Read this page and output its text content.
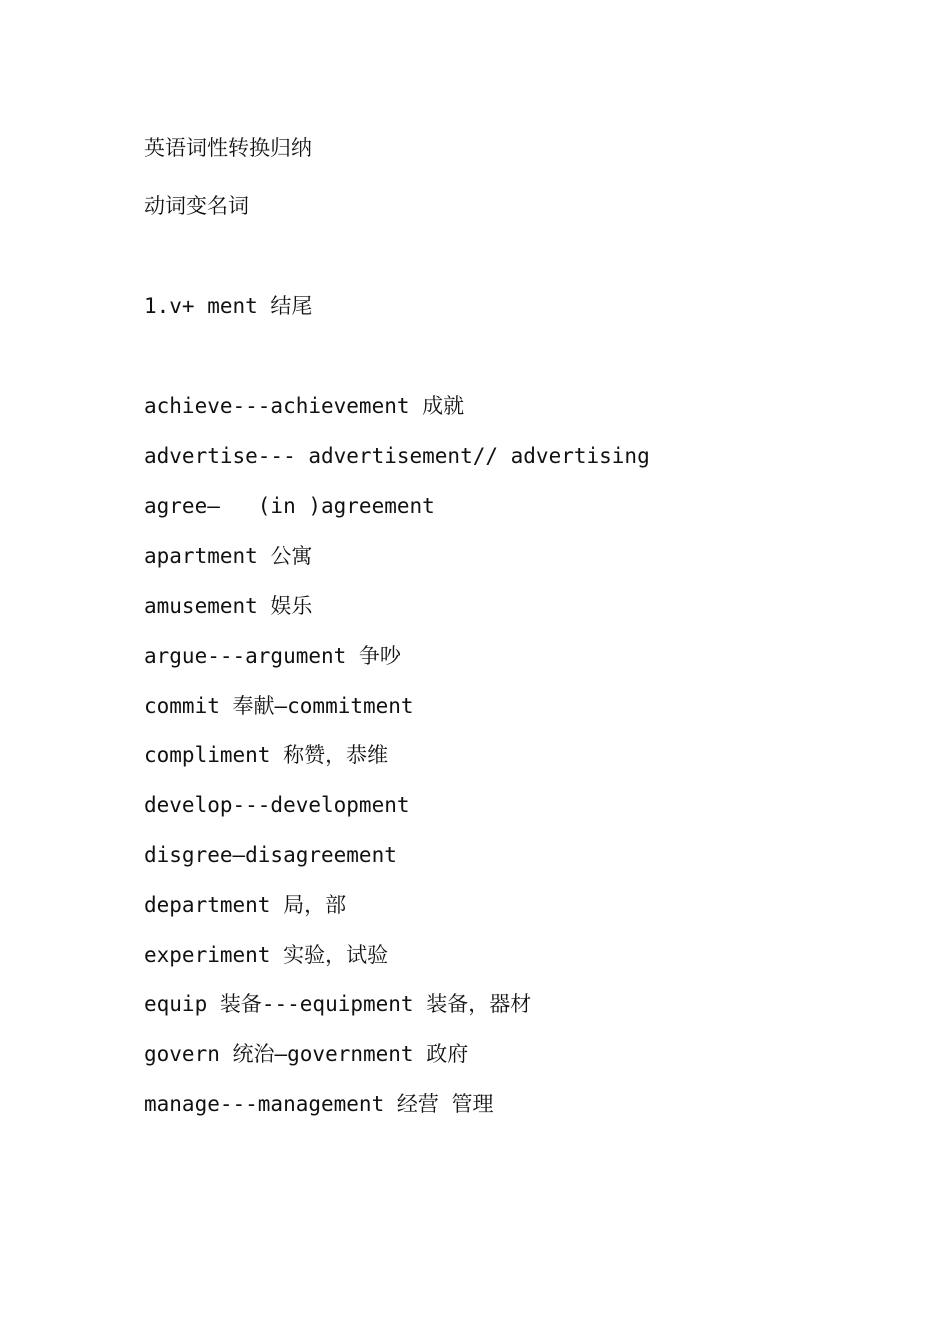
英语词性转换归纳
动词变名词
1.v+ ment 结尾
achieve---achievement 成就
advertise--- advertisement// advertising
agree—   (in )agreement
apartment 公寓
amusement 娱乐
argue---argument 争吵
commit 奉献—commitment
compliment 称赞，恭维
develop---development
disgree—disagreement
department 局，部
experiment 实验，试验
equip 装备---equipment 装备，器材
govern 统治—government 政府
manage---management 经营 管理
